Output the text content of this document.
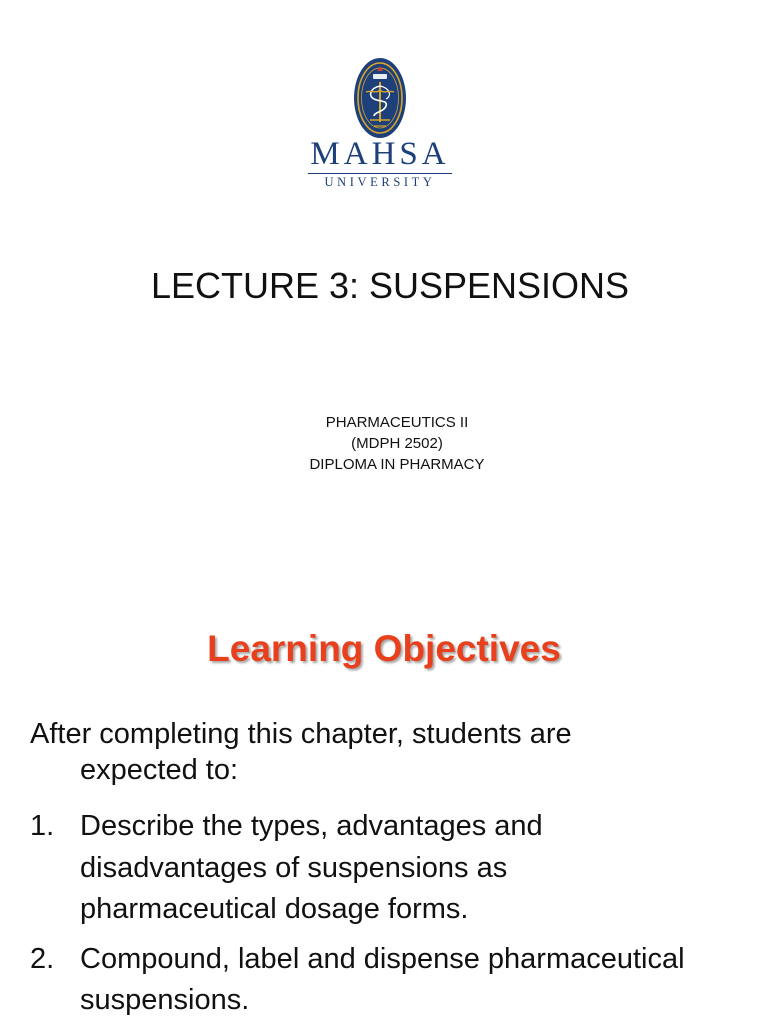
MAHSA
UNIVERSITY
LECTURE 3: SUSPENSIONS
PHARMACEUTICS II
(MDPH 2502)
DIPLOMA IN PHARMACY
Learning Objectives
After completing this chapter, students are
expected to:
1. Describe the types, advantages and
disadvantages of suspensions as
pharmaceutical dosage forms.
2. Compound, label and dispense pharmaceutical
suspensions.
